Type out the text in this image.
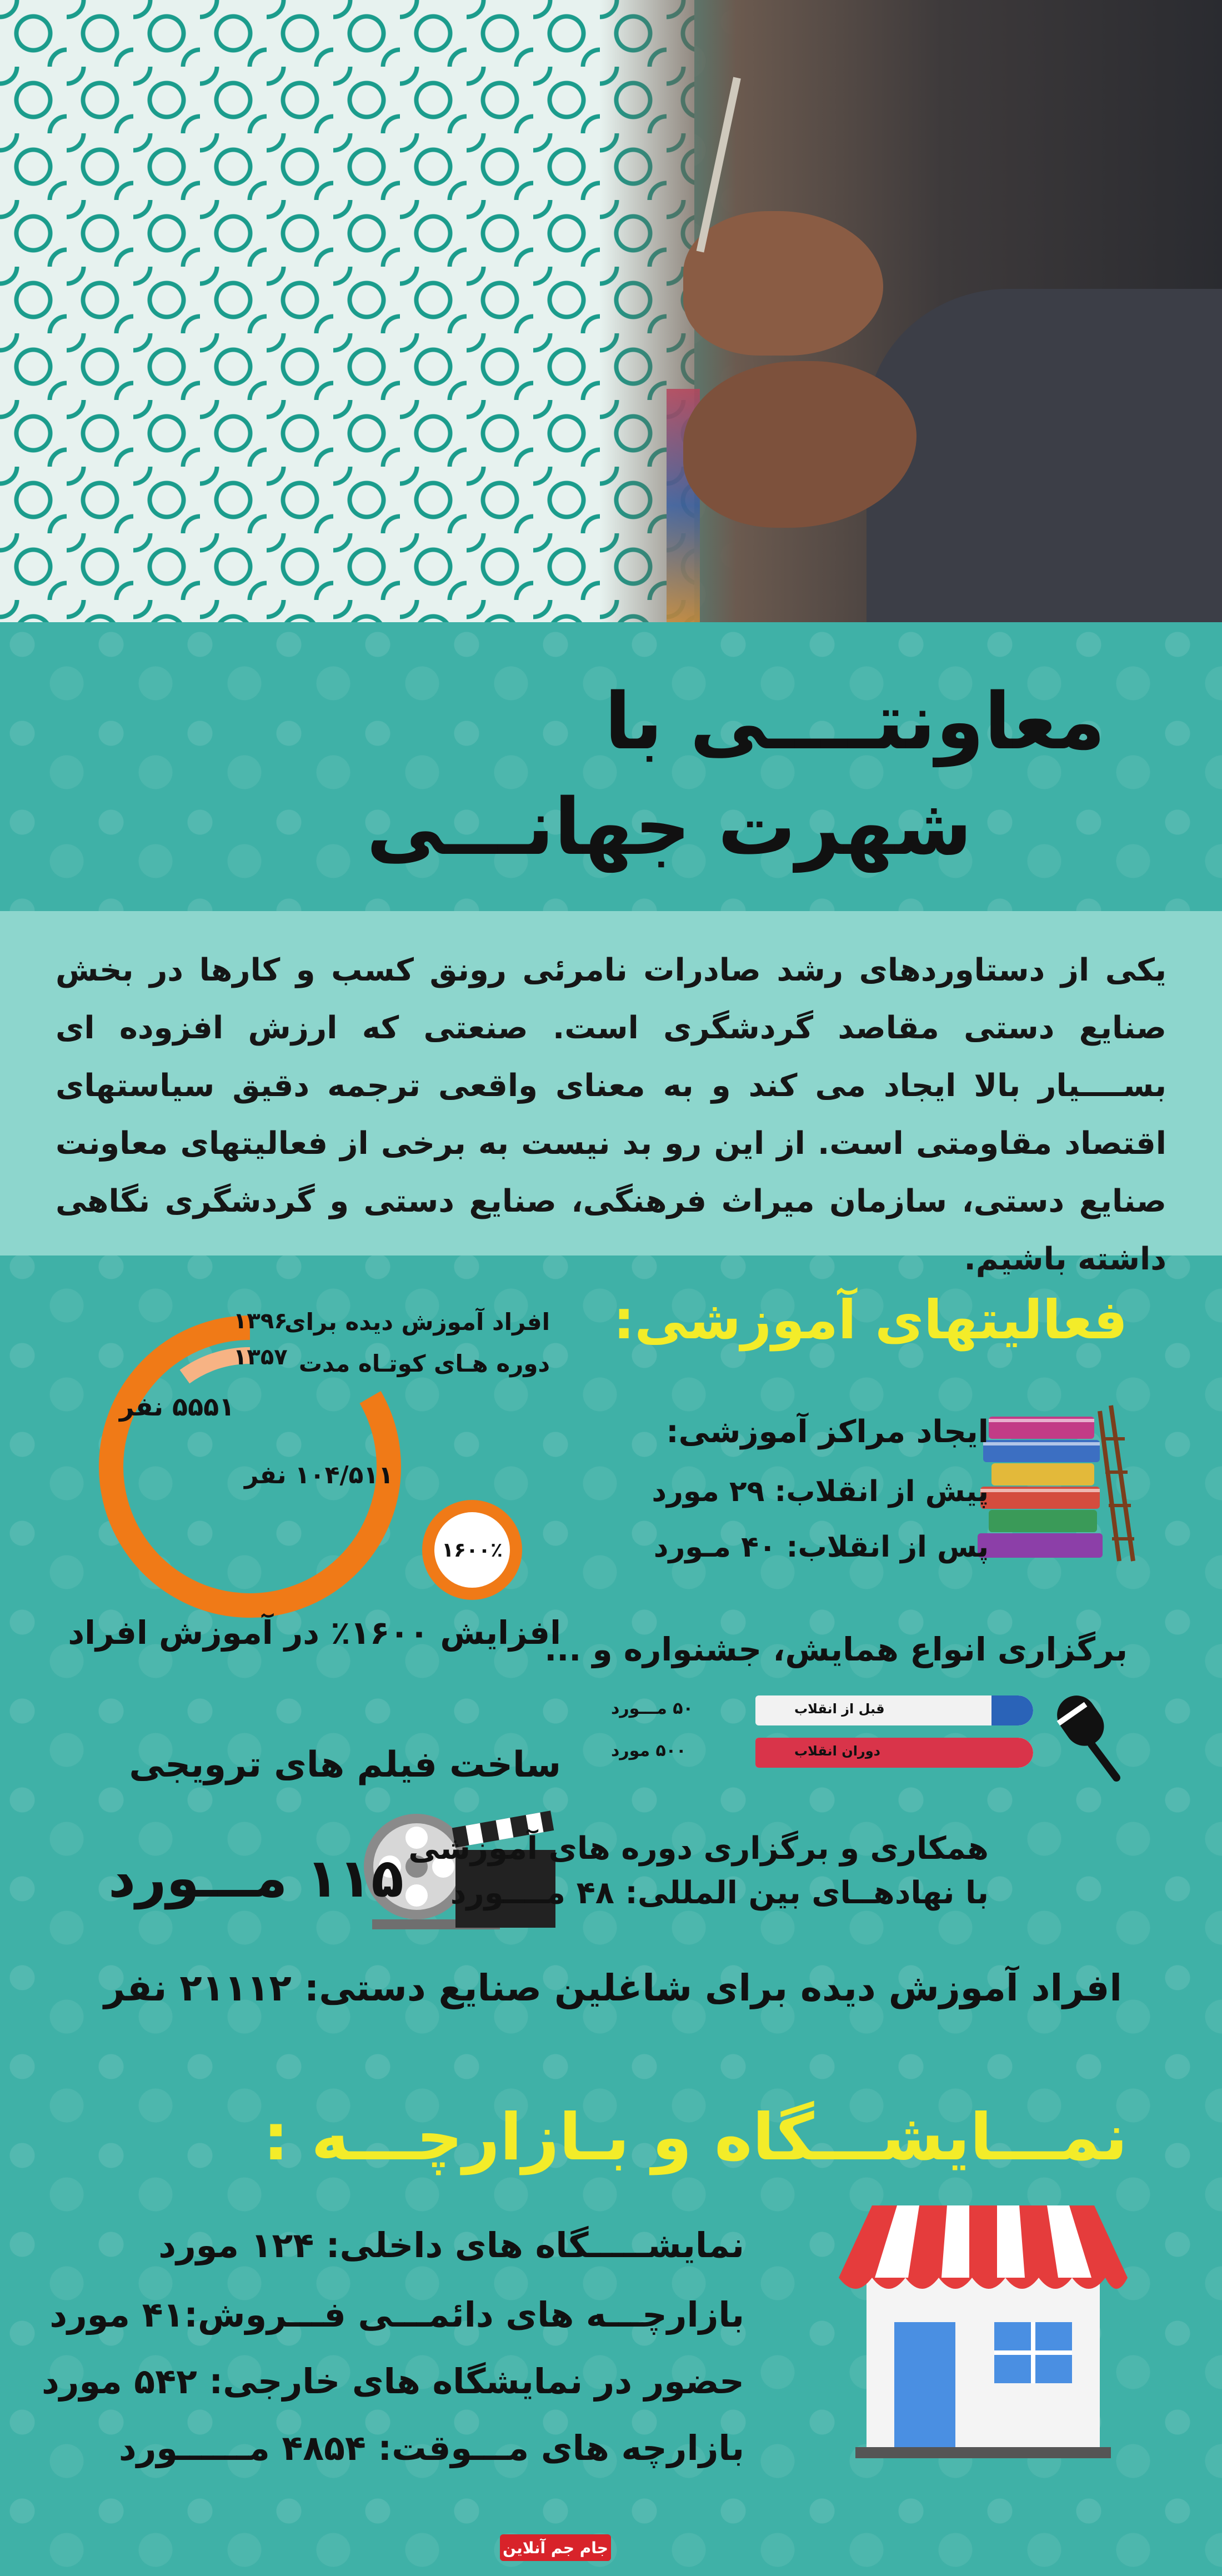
معاونتــــی با
شهرت جهانـــی
یکی از دستاوردهای رشد صادرات نامرئی رونق کسب و کارها در بخش صنایع دستی مقاصد گردشگری است. صنعتی که ارزش افزوده ای بســــیار بالا ایجاد می کند و به معنای واقعی ترجمه دقیق سیاستهای اقتصاد مقاومتی است. از این رو بد نیست به برخی از فعالیتهای معاونت صنایع دستی، سازمان میراث فرهنگی، صنایع دستی و گردشگری نگاهی داشته باشیم.
فعالیتهای آموزشی:
ایجاد مراکز آموزشی:
پیش از انقلاب: ۲۹ مورد
پس از انقلاب: ۴۰ مـورد
افراد آموزش دیده برای
دوره هـای کوتـاه مدت
۱۳۹۶
۱۳۵۷
۵۵۵۱ نفر
۱۰۴/۵۱۱ نفر
۱۶۰۰٪
افزایش ۱۶۰۰٪ در آموزش افراد
برگزاری انواع همایش، جشنواره و ...
قبل از انقلاب
۵۰ مـــورد
دوران انقلاب
۵۰۰ مورد
ساخت فیلم های ترویجی
۱۱۵ مـــورد همکاری و برگزاری دوره های آموزشی
با نهادهــای بین المللی: ۴۸ مــــورد
افراد آموزش دیده برای شاغلین صنایع دستی: ۲۱۱۱۲ نفر
نمـــایشـــگاه و بـازارچـــه :
نمایشـــــگاه های داخلی: ۱۲۴ مورد
بازارچـــه های دائمـــی فـــروش:۴۱ مورد
حضور در نمایشگاه های خارجی: ۵۴۲ مورد
بازارچه های مـــوقت: ۴۸۵۴ مــــــورد
جام جم آنلاین
